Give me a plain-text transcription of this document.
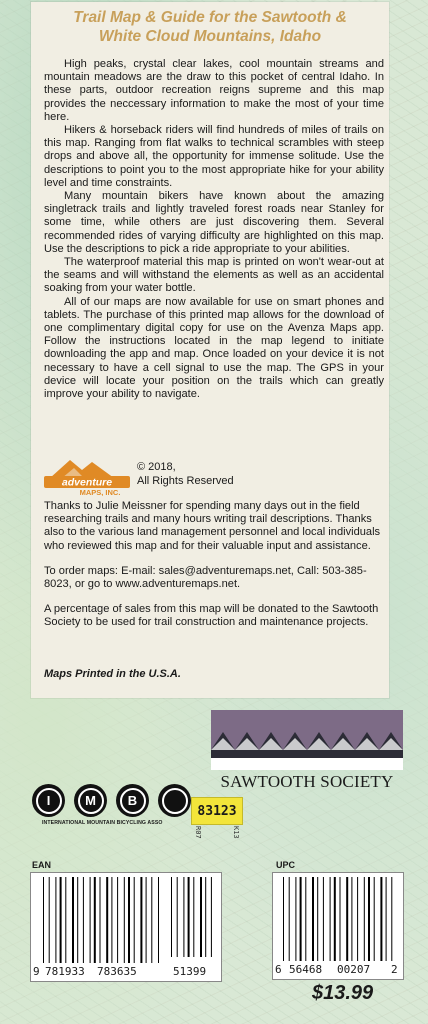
Trail Map & Guide for the Sawtooth &
White Cloud Mountains, Idaho

High peaks, crystal clear lakes, cool mountain streams and mountain meadows are the draw to this pocket of central Idaho. In these parts, outdoor recreation reigns supreme and this map provides the neccessary information to make the most of your time here.

Hikers & horseback riders will find hundreds of miles of trails on this map. Ranging from flat walks to technical scrambles with steep drops and above all, the opportunity for immense solitude. Use the descriptions to point you to the most appropriate hike for your ability level and time constraints.

Many mountain bikers have known about the amazing singletrack trails and lightly traveled forest roads near Stanley for some time, while others are just discovering them. Several recommended rides of varying difficulty are highlighted on this map. Use the descriptions to pick a ride appropriate to your abilities.

The waterproof material this map is printed on won't wear-out at the seams and will withstand the elements as well as an accidental soaking from your water bottle.

All of our maps are now available for use on smart phones and tablets. The purchase of this printed map allows for the download of one complimentary digital copy for use on the Avenza Maps app. Follow the instructions located in the map legend to initiate downloading the app and map. Once loaded on your device it is not necessary to have a cell signal to use the map. The GPS in your device will locate your position on the trails which can greatly improve your ability to navigate.

adventure
MAPS, INC.
© 2018,
All Rights Reserved

Thanks to Julie Meissner for spending many days out in the field researching trails and many hours writing trail descriptions. Thanks also to the various land management personnel and local individuals who reviewed this map and for their valuable input and assistance.

To order maps: E-mail: sales@adventuremaps.net, Call: 503-385-8023, or go to www.adventuremaps.net.

A percentage of sales from this map will be donated to the Sawtooth Society to be used for trail construction and maintenance projects.

Maps Printed in the U.S.A.
SAWTOOTH SOCIETY
I	M	B
INTERNATIONAL MOUNTAIN BICYCLING ASSO
83123
R07	K13
EAN
9 781933 783635	51399
UPC
6 56468 00207 2
$13.99
